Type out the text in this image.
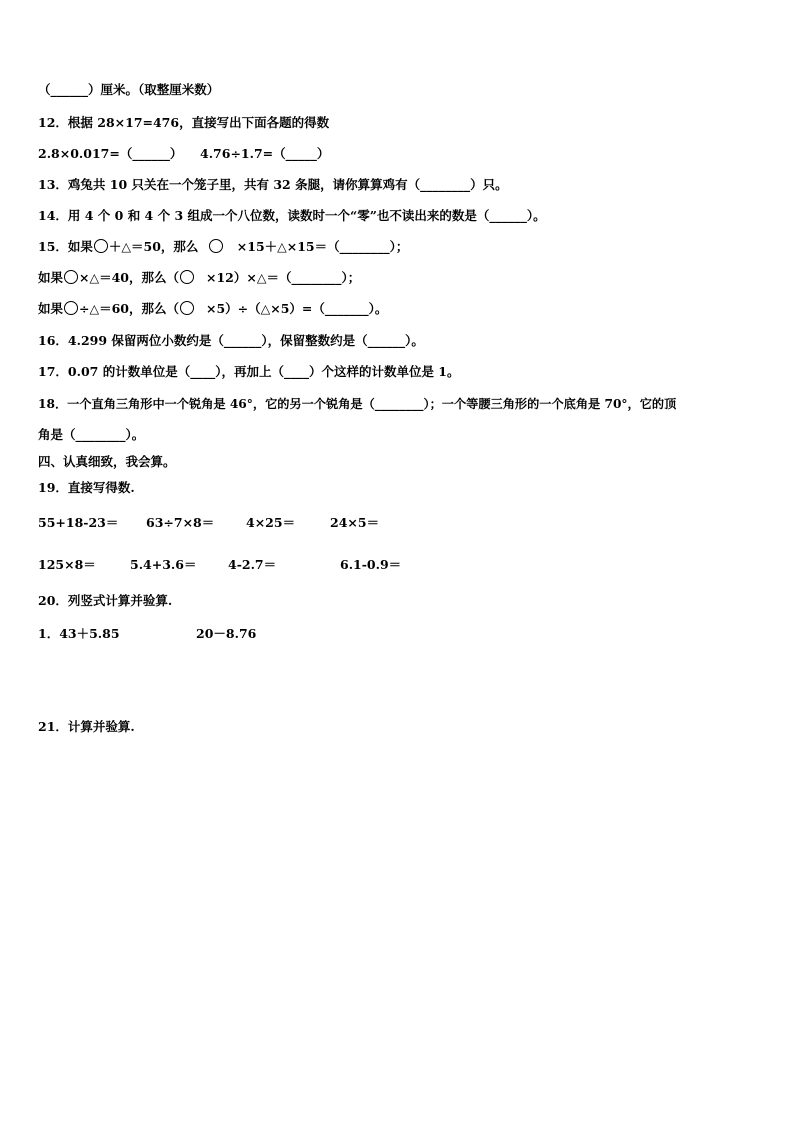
（______）厘米。（取整厘米数）
12．根据 28×17=476，直接写出下面各题的得数
2.8×0.017=（______） 4.76÷1.7=（_____）
13．鸡兔共 10 只关在一个笼子里，共有 32 条腿，请你算算鸡有（________）只。
14．用 4 个 0 和 4 个 3 组成一个八位数，读数时一个“零”也不读出来的数是（______）。
15．如果 ＋△＝50，那么	×15＋△×15＝（________）；
如果 ×△＝40，那么（ ×12）×△＝（________）；
如果 ÷△＝60，那么（ ×5）÷（△×5）=（_______）。
16．4.299 保留两位小数约是（______），保留整数约是（______）。
17．0.07 的计数单位是（____），再加上（____）个这样的计数单位是 1。
18．一个直角三角形中一个锐角是 46°，它的另一个锐角是（________）；一个等腰三角形的一个底角是 70°，它的顶
角是（________）。
四、认真细致，我会算。
19．直接写得数.
55+18-23＝ 63÷7×8＝	4×25＝	24×5＝
125×8＝	5.4+3.6＝	4-2.7＝	6.1-0.9＝
20．列竖式计算并验算.
1．43＋5.85	20－8.76
21．计算并验算.
